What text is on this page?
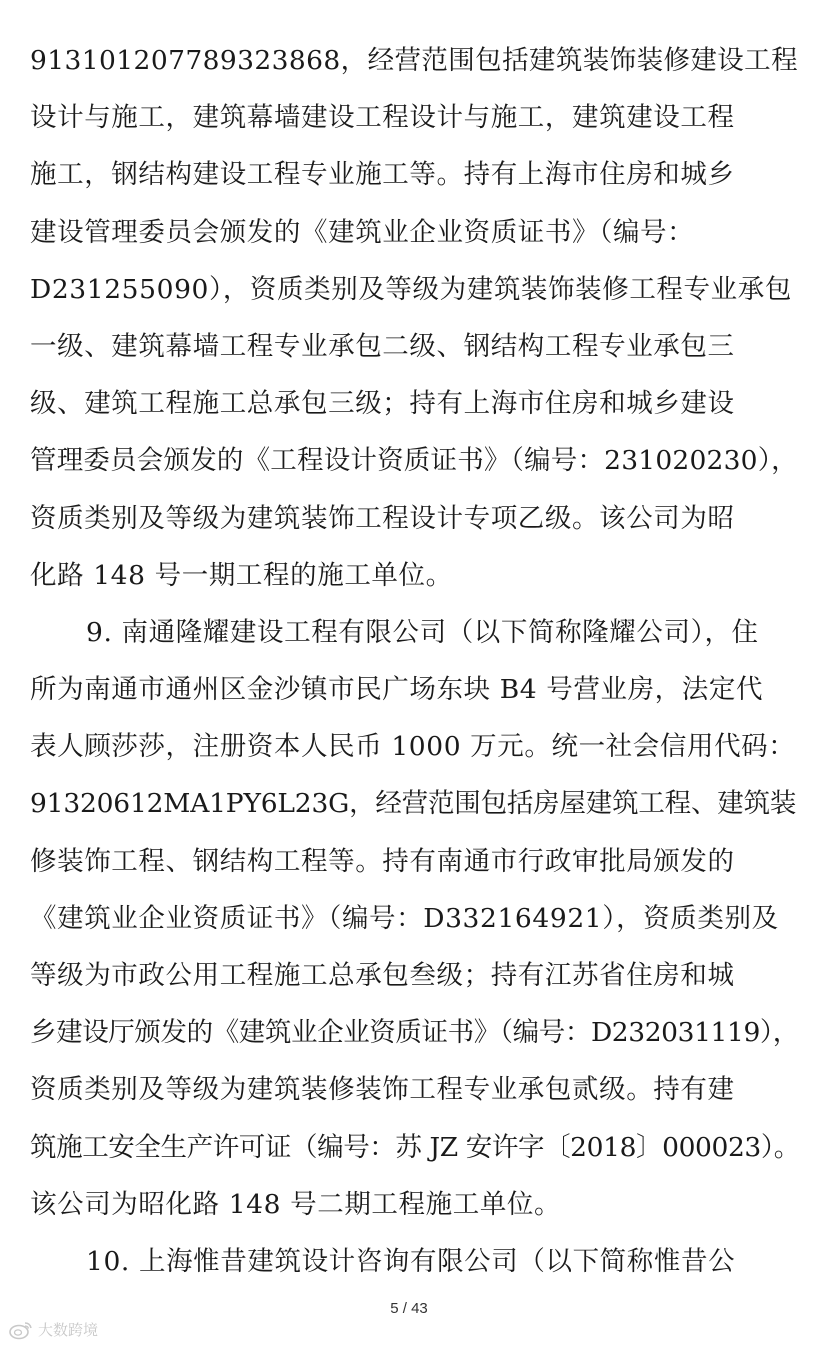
913101207789323868，经营范围包括建筑装饰装修建设工程
设计与施工，建筑幕墙建设工程设计与施工，建筑建设工程
施工，钢结构建设工程专业施工等。持有上海市住房和城乡
建设管理委员会颁发的《建筑业企业资质证书》（编号：
D231255090），资质类别及等级为建筑装饰装修工程专业承包
一级、建筑幕墙工程专业承包二级、钢结构工程专业承包三
级、建筑工程施工总承包三级；持有上海市住房和城乡建设
管理委员会颁发的《工程设计资质证书》（编号：231020230），
资质类别及等级为建筑装饰工程设计专项乙级。该公司为昭
化路 148 号一期工程的施工单位。
9. 南通隆耀建设工程有限公司（以下简称隆耀公司），住
所为南通市通州区金沙镇市民广场东块 B4 号营业房，法定代
表人顾莎莎，注册资本人民币 1000 万元。统一社会信用代码：
91320612MA1PY6L23G，经营范围包括房屋建筑工程、建筑装
修装饰工程、钢结构工程等。持有南通市行政审批局颁发的
《建筑业企业资质证书》（编号：D332164921），资质类别及
等级为市政公用工程施工总承包叁级；持有江苏省住房和城
乡建设厅颁发的《建筑业企业资质证书》（编号：D232031119），
资质类别及等级为建筑装修装饰工程专业承包贰级。持有建
筑施工安全生产许可证（编号：苏 JZ 安许字〔2018〕000023）。
该公司为昭化路 148 号二期工程施工单位。
10. 上海惟昔建筑设计咨询有限公司（以下简称惟昔公
5 / 43
大数跨境
